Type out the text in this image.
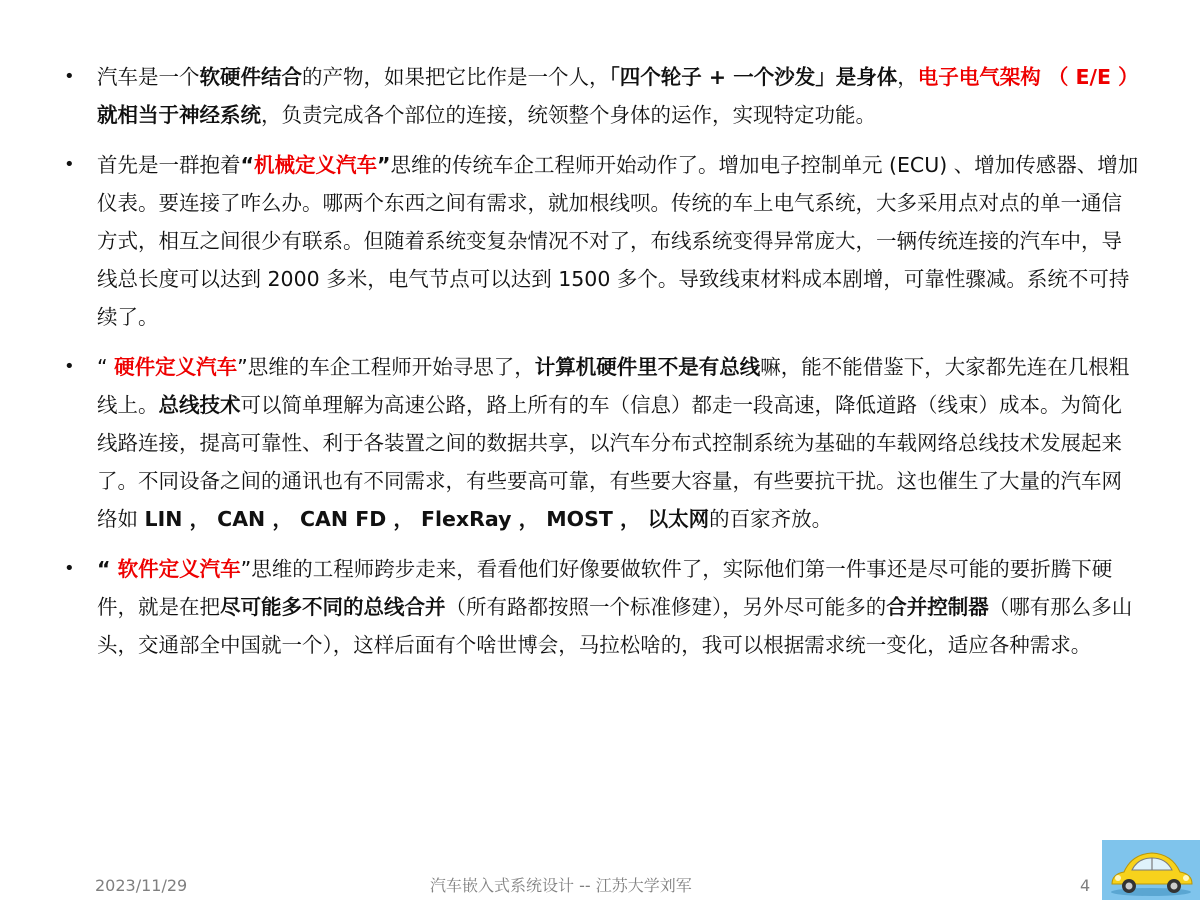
• 汽车是一个软硬件结合的产物，如果把它比作是一个人，「四个轮子 + 一个沙发」是身体，电子电气架构 （ E/E ）就相当于神经系统，负责完成各个部位的连接，统领整个身体的运作，实现特定功能。
• 首先是一群抱着“机械定义汽车”思维的传统车企工程师开始动作了。增加电子控制单元 (ECU) 、增加传感器、增加仪表。要连接了咋么办。哪两个东西之间有需求，就加根线呗。传统的车上电气系统，大多采用点对点的单一通信方式，相互之间很少有联系。但随着系统变复杂情况不对了，布线系统变得异常庞大，一辆传统连接的汽车中，导线总长度可以达到 2000 多米，电气节点可以达到 1500 多个。导致线束材料成本剧增，可靠性骤减。系统不可持续了。
• “ 硬件定义汽车”思维的车企工程师开始寻思了，计算机硬件里不是有总线嘛，能不能借鉴下，大家都先连在几根粗线上。总线技术可以简单理解为高速公路，路上所有的车（信息）都走一段高速，降低道路（线束）成本。为简化线路连接，提高可靠性、利于各装置之间的数据共享，以汽车分布式控制系统为基础的车载网络总线技术发展起来了。不同设备之间的通讯也有不同需求，有些要高可靠，有些要大容量，有些要抗干扰。这也催生了大量的汽车网络如 LIN ， CAN ， CAN FD ， FlexRay ， MOST ， 以太网的百家齐放。
• “ 软件定义汽车”思维的工程师跨步走来，看看他们好像要做软件了，实际他们第一件事还是尽可能的要折腾下硬件，就是在把尽可能多不同的总线合并（所有路都按照一个标准修建），另外尽可能多的合并控制器（哪有那么多山头，交通部全中国就一个），这样后面有个啥世博会，马拉松啥的，我可以根据需求统一变化，适应各种需求。
2023/11/29	汽车嵌入式系统设计 -- 江苏大学刘军	4
